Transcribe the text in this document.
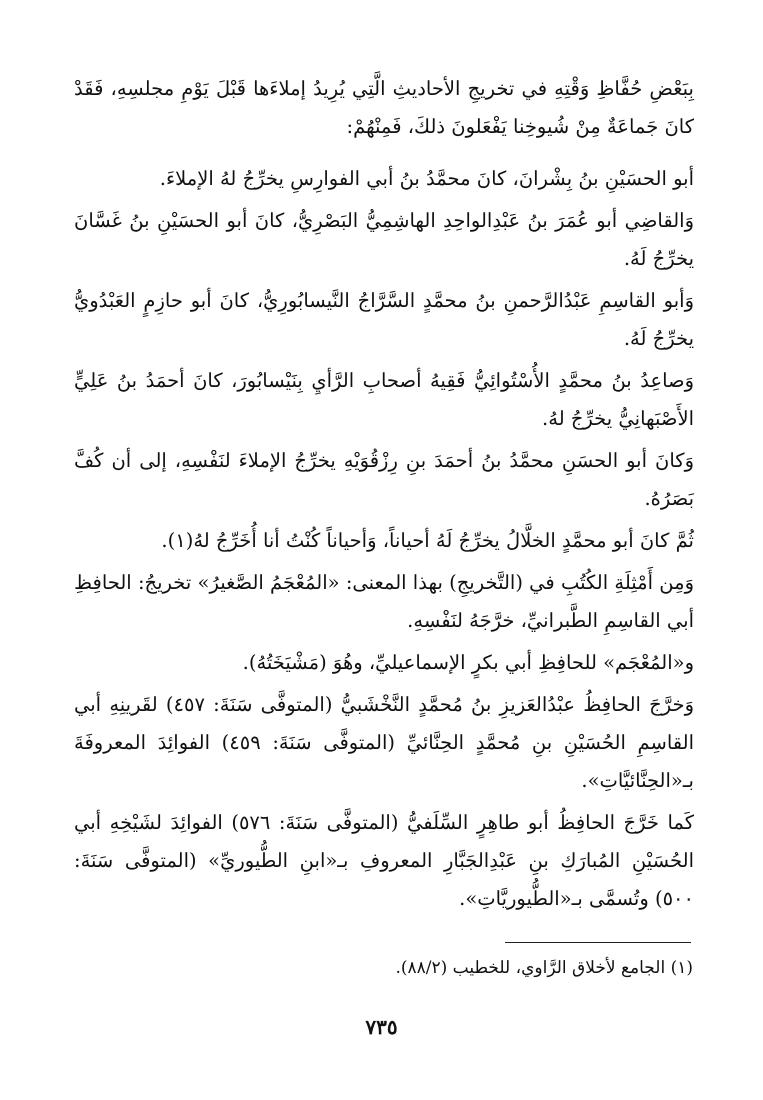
بِبَعْضِ حُفَّاظِ وَقْتِهِ في تخريجِ الأحاديثِ الَّتِي يُرِيدُ إملاءَها قَبْلَ يَوْمِ مجلسِهِ، فَقَدْ كانَ جَماعَةٌ مِنْ شُيوخِنا يَفْعَلونَ ذلكَ، فَمِنْهُمْ:

أبو الحسَيْنِ بنُ بِشْرانَ، كانَ محمَّدُ بنُ أبي الفوارِسِ يخرِّجُ لهُ الإملاءَ.

وَالقاضِي أبو عُمَرَ بنُ عَبْدِالواحِدِ الهاشِمِيُّ البَصْرِيُّ، كانَ أبو الحسَيْنِ بنُ غَسَّانَ يخرِّجُ لَهُ.

وَأبو القاسِمِ عَبْدُالرَّحمنِ بنُ محمَّدٍ السَّرَّاجُ النَّيسابُورِيُّ، كانَ أبو حازِمٍ العَبْدُويُّ يخرِّجُ لَهُ.

وَصاعِدُ بنُ محمَّدٍ الأُسْتُوائِيُّ فَقِيهُ أصحابِ الرَّأيِ بِنَيْسابُورَ، كانَ أحمَدُ بنُ عَلِيٍّ الأَصْبَهانِيُّ يخرِّجُ لهُ.

وَكانَ أبو الحسَنِ محمَّدُ بنُ أحمَدَ بنِ رِزْقُوَيْهِ يخرِّجُ الإملاءَ لنَفْسِهِ، إلى أن كُفَّ بَصَرُهُ.

ثُمَّ كانَ أبو محمَّدٍ الخلَّالُ يخرِّجُ لَهُ أحياناً، وَأحياناً كُنْتُ أنا أُخَرِّجُ لهُ(١).

وَمِن أَمْثِلَةِ الكُتُبِ في (التَّخريجِ) بهذا المعنى: «المُعْجَمُ الصَّغيرُ» تخريجُ: الحافِظِ أبي القاسِمِ الطَّبرانيِّ، خرَّجَهُ لنَفْسِهِ.

و«المُعْجَم» للحافِظِ أبي بكرٍ الإسماعيليِّ، وهُوَ (مَشْيَخَتُهُ).

وَخرَّجَ الحافِظُ عبْدُالعَزيزِ بنُ مُحمَّدٍ النَّخْشَبيُّ (المتوفَّى سَنَةَ: ٤٥٧) لقَرينِهِ أبي القاسِمِ الحُسَيْنِ بنِ مُحمَّدٍ الحِنَّائيِّ (المتوفَّى سَنَةَ: ٤٥٩) الفوائِدَ المعروفَةَ بـ«الحِنَّائيَّاتِ».

كَما خَرَّجَ الحافِظُ أبو طاهِرٍ السِّلَفيُّ (المتوفَّى سَنَةَ: ٥٧٦) الفوائِدَ لشَيْخِهِ أبي الحُسَيْنِ المُبارَكِ بنِ عَبْدِالجَبَّارِ المعروفِ بـ«ابنِ الطُّيوريِّ» (المتوفَّى سَنَةَ: ٥٠٠) وتُسمَّى بـ«الطُّيوريَّاتِ».

(١) الجامع لأخلاق الرَّاوي، للخطيب (٨٨/٢).
٧٣٥
